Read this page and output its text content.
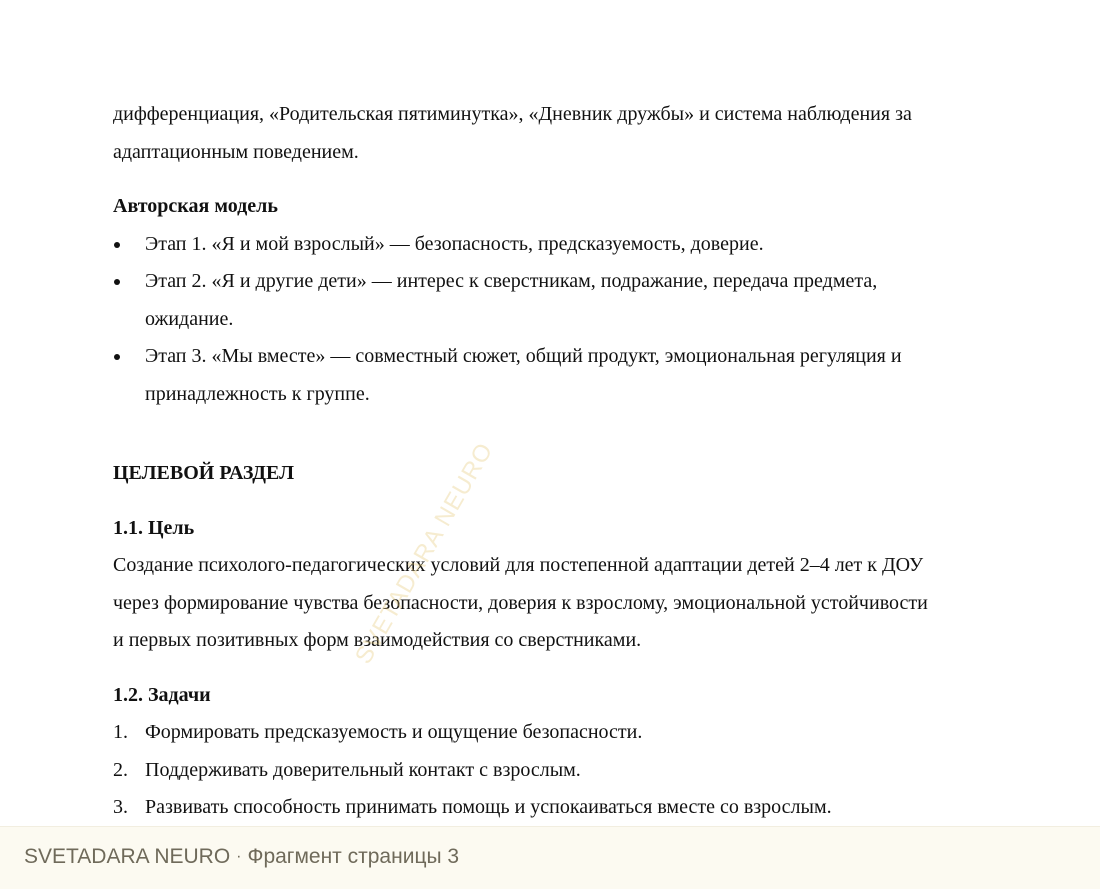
дифференциация, «Родительская пятиминутка», «Дневник дружбы» и система наблюдения за
адаптационным поведением.

Авторская модель

Этап 1. «Я и мой взрослый» — безопасность, предсказуемость, доверие.
Этап 2. «Я и другие дети» — интерес к сверстникам, подражание, передача предмета,
ожидание.
Этап 3. «Мы вместе» — совместный сюжет, общий продукт, эмоциональная регуляция и
принадлежность к группе.

ЦЕЛЕВОЙ РАЗДЕЛ

1.1. Цель

Создание психолого-педагогических условий для постепенной адаптации детей 2–4 лет к ДОУ
через формирование чувства безопасности, доверия к взрослому, эмоциональной устойчивости
и первых позитивных форм взаимодействия со сверстниками.

1.2. Задачи

1. Формировать предсказуемость и ощущение безопасности.
2. Поддерживать доверительный контакт с взрослым.
3. Развивать способность принимать помощь и успокаиваться вместе со взрослым.
SVETADARA NEURO
SVETADARA NEURO · Фрагмент страницы 3
